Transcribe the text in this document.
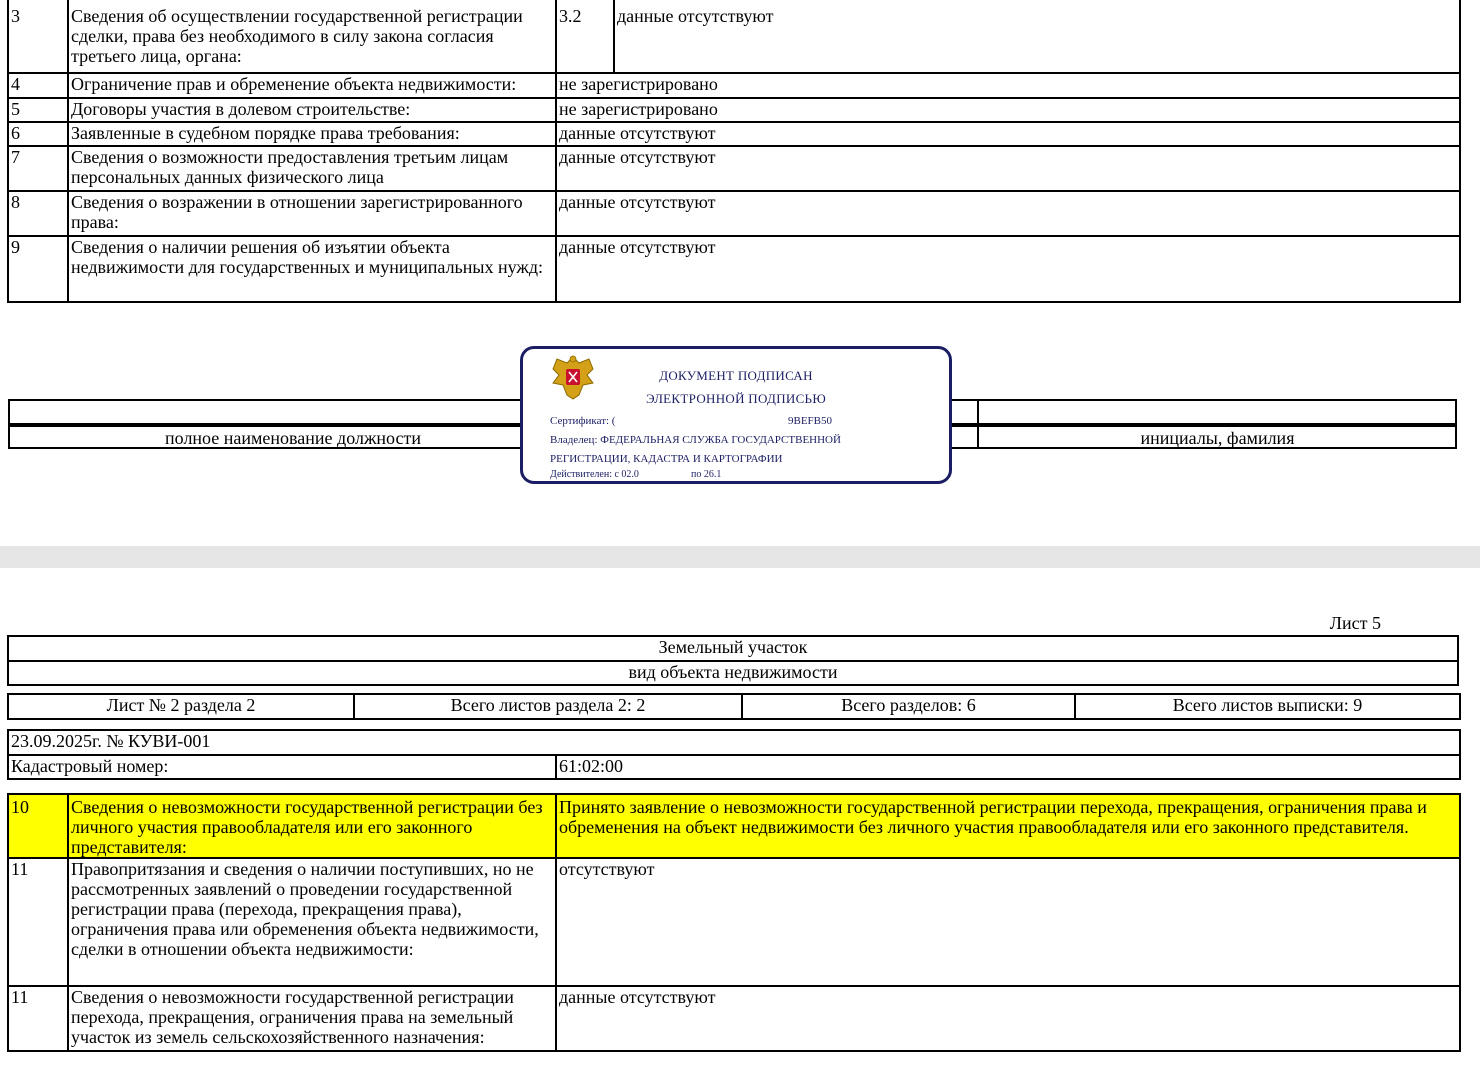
3	Сведения об осуществлении государственной регистрации сделки, права без необходимого в силу закона согласия третьего лица, органа:	3.2	данные отсутствуют
4	Ограничение прав и обременение объекта недвижимости:	не зарегистрировано	
5	Договоры участия в долевом строительстве:	не зарегистрировано	
6	Заявленные в судебном порядке права требования:	данные отсутствуют	
7	Сведения о возможности предоставления третьим лицам персональных данных физического лица	данные отсутствуют	
8	Сведения о возражении в отношении зарегистрированного права:	данные отсутствуют	
9	Сведения о наличии решения об изъятии объекта недвижимости для государственных и муниципальных нужд:	данные отсутствуют	
полное наименование должности	инициалы, фамилия
ДОКУМЕНТ ПОДПИСАН
ЭЛЕКТРОННОЙ ПОДПИСЬЮ
Сертификат: (	9BEFB50
Владелец: ФЕДЕРАЛЬНАЯ СЛУЖБА ГОСУДАРСТВЕННОЙ
РЕГИСТРАЦИИ, КАДАСТРА И КАРТОГРАФИИ
Действителен: с 02.0	по 26.1
Лист 5
Земельный участок
вид объекта недвижимости
Лист № 2 раздела 2	Всего листов раздела 2: 2	Всего разделов: 6	Всего листов выписки: 9
23.09.2025г. № КУВИ-001
Кадастровый номер:	61:02:00
10	Сведения о невозможности государственной регистрации без личного участия правообладателя или его законного представителя:	Принято заявление о невозможности государственной регистрации перехода, прекращения, ограничения права и обременения на объект недвижимости без личного участия правообладателя или его законного представителя.
11	Правопритязания и сведения о наличии поступивших, но не рассмотренных заявлений о проведении государственной регистрации права (перехода, прекращения права), ограничения права или обременения объекта недвижимости, сделки в отношении объекта недвижимости:	отсутствуют
11	Сведения о невозможности государственной регистрации перехода, прекращения, ограничения права на земельный участок из земель сельскохозяйственного назначения:	данные отсутствуют
